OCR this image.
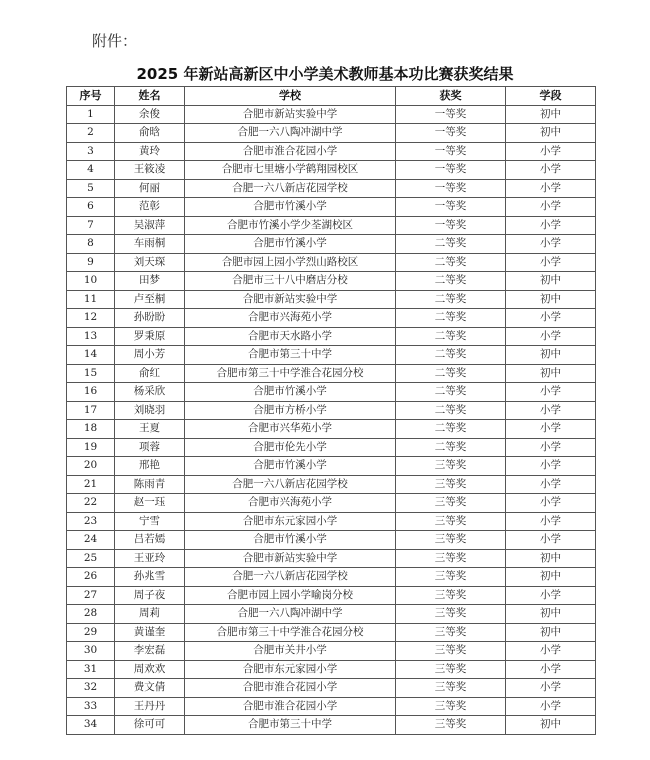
附件：
2025 年新站高新区中小学美术教师基本功比赛获奖结果
序号	姓名	学校	获奖	学段
1	余俊	合肥市新站实验中学	一等奖	初中
2	俞晗	合肥一六八陶冲湖中学	一等奖	初中
3	黄玲	合肥市淮合花园小学	一等奖	小学
4	王筱凌	合肥市七里塘小学鹤翔园校区	一等奖	小学
5	何丽	合肥一六八新店花园学校	一等奖	小学
6	范彰	合肥市竹溪小学	一等奖	小学
7	吴淑萍	合肥市竹溪小学少荃湖校区	一等奖	小学
8	车雨桐	合肥市竹溪小学	二等奖	小学
9	刘天琛	合肥市园上园小学烈山路校区	二等奖	小学
10	田梦	合肥市三十八中磨店分校	二等奖	初中
11	卢至桐	合肥市新站实验中学	二等奖	初中
12	孙盼盼	合肥市兴海苑小学	二等奖	小学
13	罗秉原	合肥市天水路小学	二等奖	小学
14	周小芳	合肥市第三十中学	二等奖	初中
15	俞红	合肥市第三十中学淮合花园分校	二等奖	初中
16	杨采欣	合肥市竹溪小学	二等奖	小学
17	刘晓羽	合肥市方桥小学	二等奖	小学
18	王夏	合肥市兴华苑小学	二等奖	小学
19	项蓉	合肥市伦先小学	二等奖	小学
20	邢艳	合肥市竹溪小学	三等奖	小学
21	陈雨青	合肥一六八新店花园学校	三等奖	小学
22	赵一珏	合肥市兴海苑小学	三等奖	小学
23	宁雪	合肥市东元家园小学	三等奖	小学
24	吕若嫣	合肥市竹溪小学	三等奖	小学
25	王亚玲	合肥市新站实验中学	三等奖	初中
26	孙兆雪	合肥一六八新店花园学校	三等奖	初中
27	周子夜	合肥市园上园小学喻岗分校	三等奖	小学
28	周莉	合肥一六八陶冲湖中学	三等奖	初中
29	黄谨奎	合肥市第三十中学淮合花园分校	三等奖	初中
30	李宏磊	合肥市关井小学	三等奖	小学
31	周欢欢	合肥市东元家园小学	三等奖	小学
32	费文倩	合肥市淮合花园小学	三等奖	小学
33	王丹丹	合肥市淮合花园小学	三等奖	小学
34	徐可可	合肥市第三十中学	三等奖	初中
